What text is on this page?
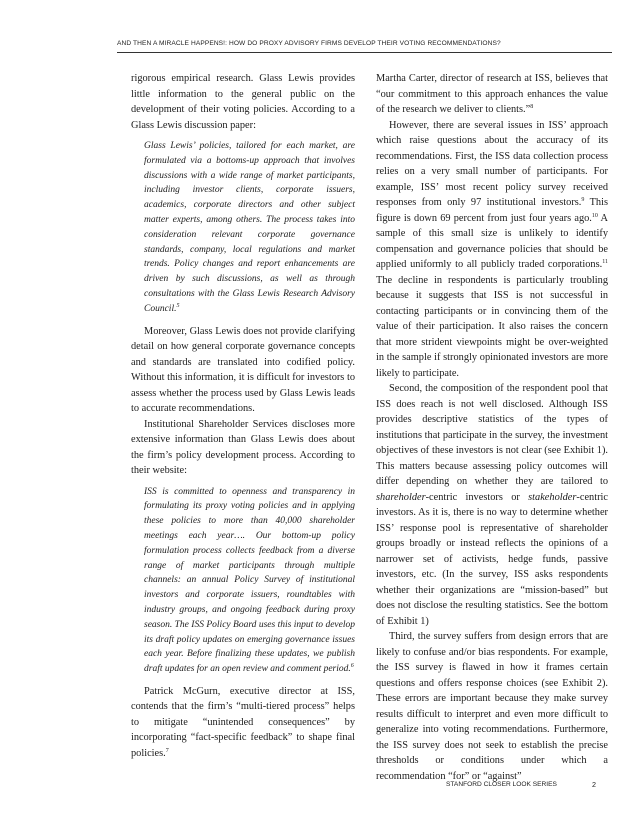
AND THEN A MIRACLE HAPPENS!: HOW DO PROXY ADVISORY FIRMS DEVELOP THEIR VOTING RECOMMENDATIONS?

rigorous empirical research. Glass Lewis provides little information to the general public on the development of their voting policies. According to a Glass Lewis discussion paper:

Glass Lewis’ policies, tailored for each market, are formulated via a bottoms-up approach that involves discussions with a wide range of market participants, including investor clients, corporate issuers, academics, corporate directors and other subject matter experts, among others. The process takes into consideration relevant corporate governance standards, company, local regulations and market trends. Policy changes and report enhancements are driven by such discussions, as well as through consultations with the Glass Lewis Research Advisory Council.$^5$

Moreover, Glass Lewis does not provide clarifying detail on how general corporate governance concepts and standards are translated into codified policy. Without this information, it is difficult for investors to assess whether the process used by Glass Lewis leads to accurate recommendations.

Institutional Shareholder Services discloses more extensive information than Glass Lewis does about the firm’s policy development process. According to their website:

ISS is committed to openness and transparency in formulating its proxy voting policies and in applying these policies to more than 40,000 shareholder meetings each year…. Our bottom-up policy formulation process collects feedback from a diverse range of market participants through multiple channels: an annual Policy Survey of institutional investors and corporate issuers, roundtables with industry groups, and ongoing feedback during proxy season. The ISS Policy Board uses this input to develop its draft policy updates on emerging governance issues each year. Before finalizing these updates, we publish draft updates for an open review and comment period.$^6$

Patrick McGurn, executive director at ISS, contends that the firm’s “multi-tiered process” helps to mitigate “unintended consequences” by incorporating “fact-specific feedback” to shape final policies.$^7$

Martha Carter, director of research at ISS, believes that “our commitment to this approach enhances the value of the research we deliver to clients.”$^8$

However, there are several issues in ISS’ approach which raise questions about the accuracy of its recommendations. First, the ISS data collection process relies on a very small number of participants. For example, ISS’ most recent policy survey received responses from only 97 institutional investors.$^9$ This figure is down 69 percent from just four years ago.$^{10}$ A sample of this small size is unlikely to identify compensation and governance policies that should be applied uniformly to all publicly traded corporations.$^{11}$ The decline in respondents is particularly troubling because it suggests that ISS is not successful in contacting participants or in convincing them of the value of their participation. It also raises the concern that more strident viewpoints might be over-weighted in the sample if strongly opinionated investors are more likely to participate.

Second, the composition of the respondent pool that ISS does reach is not well disclosed. Although ISS provides descriptive statistics of the types of institutions that participate in the survey, the investment objectives of these investors is not clear (see Exhibit 1). This matters because assessing policy outcomes will differ depending on whether they are tailored to shareholder-centric investors or stakeholder-centric investors. As it is, there is no way to determine whether ISS’ response pool is representative of shareholder groups broadly or instead reflects the opinions of a narrower set of activists, hedge funds, passive investors, etc. (In the survey, ISS asks respondents whether their organizations are “mission-based” but does not disclose the resulting statistics. See the bottom of Exhibit 1)

Third, the survey suffers from design errors that are likely to confuse and/or bias respondents. For example, the ISS survey is flawed in how it frames certain questions and offers response choices (see Exhibit 2). These errors are important because they make survey results difficult to interpret and even more difficult to generalize into voting recommendations. Furthermore, the ISS survey does not seek to establish the precise thresholds or conditions under which a recommendation “for” or “against”

STANFORD CLOSER LOOK SERIES	2
